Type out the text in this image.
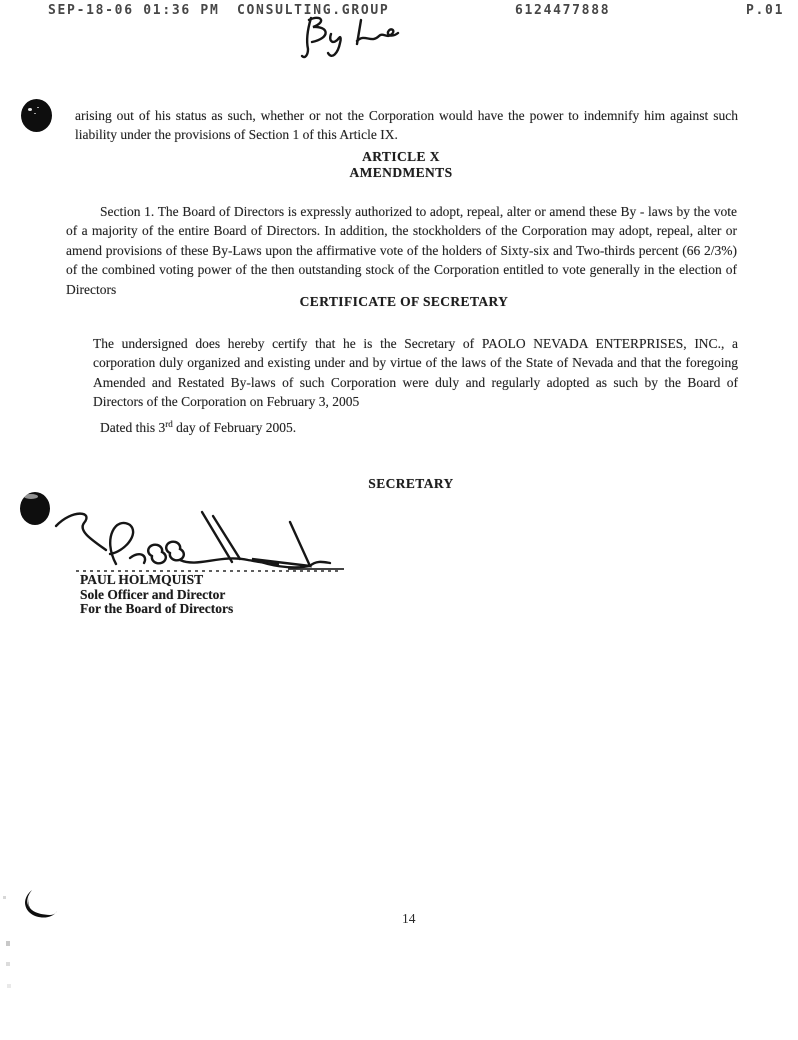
SEP-18-06 01:36 PM CONSULTING.GROUP	6124477888	P.01

arising out of his status as such, whether or not the Corporation would have the power to indemnify him against such liability under the provisions of Section 1 of this Article IX.

ARTICLE X
AMENDMENTS

Section 1. The Board of Directors is expressly authorized to adopt, repeal, alter or amend these By - laws by the vote of a majority of the entire Board of Directors. In addition, the stockholders of the Corporation may adopt, repeal, alter or amend provisions of these By-Laws upon the affirmative vote of the holders of Sixty-six and Two-thirds percent (66 2/3%) of the combined voting power of the then outstanding stock of the Corporation entitled to vote generally in the election of Directors

CERTIFICATE OF SECRETARY

The undersigned does hereby certify that he is the Secretary of PAOLO NEVADA ENTERPRISES, INC., a corporation duly organized and existing under and by virtue of the laws of the State of Nevada and that the foregoing Amended and Restated By-laws of such Corporation were duly and regularly adopted as such by the Board of Directors of the Corporation on February 3, 2005

Dated this 3rd day of February 2005.

SECRETARY
PAUL HOLMQUIST
Sole Officer and Director
For the Board of Directors
14
